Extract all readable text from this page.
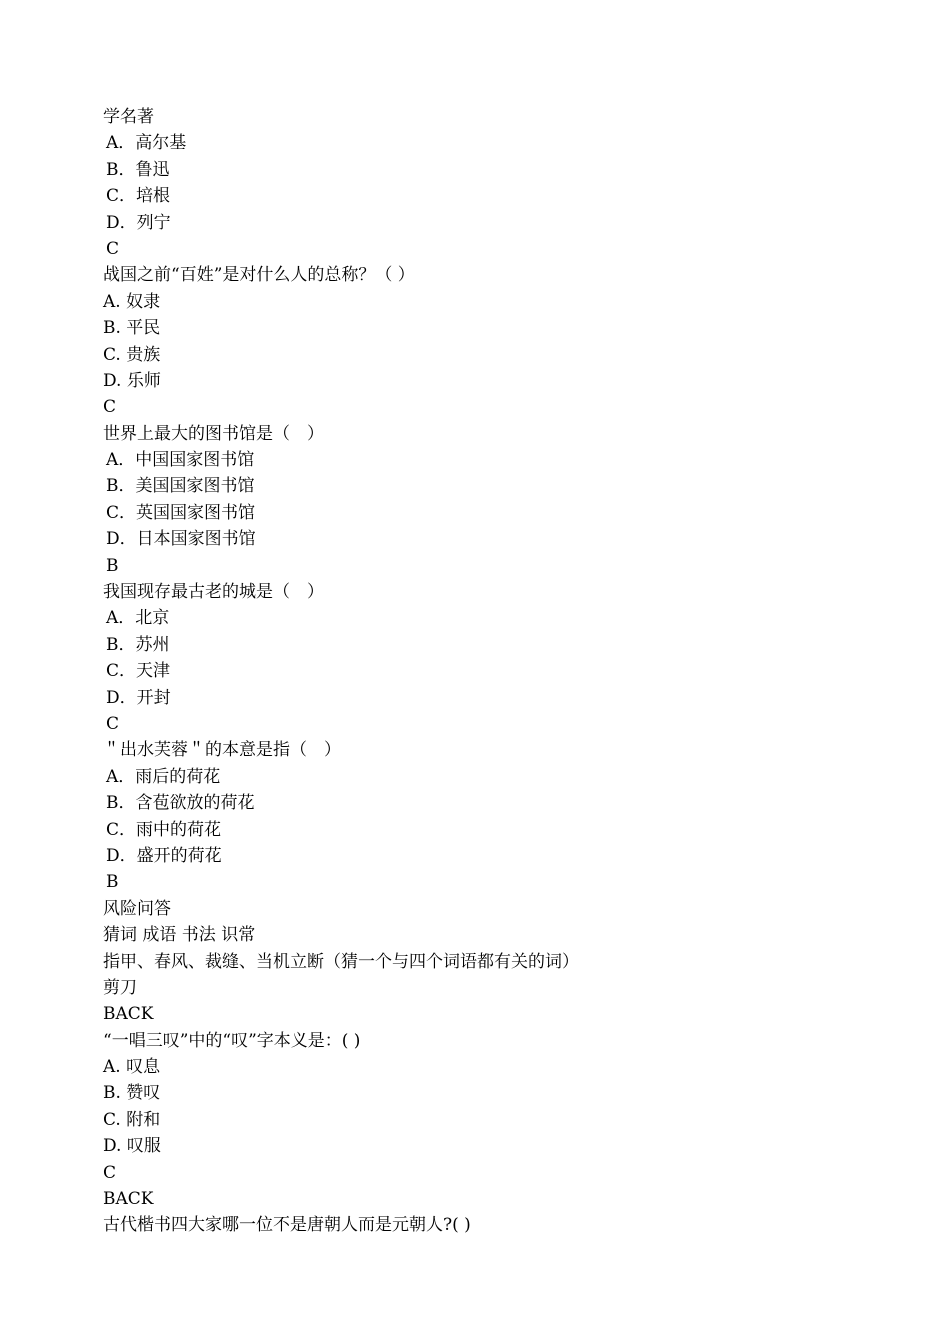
学名著
A．高尔基
B．鲁迅
C．培根
D．列宁
C
战国之前“百姓”是对什么人的总称？（ ）
A. 奴隶
B. 平民
C. 贵族
D. 乐师
C
世界上最大的图书馆是（　）
A．中国国家图书馆
B．美国国家图书馆
C．英国国家图书馆
D．日本国家图书馆
B
我国现存最古老的城是（　）
A．北京
B．苏州
C．天津
D．开封
C
＂出水芙蓉＂的本意是指（　）
A．雨后的荷花
B．含苞欲放的荷花
C．雨中的荷花
D．盛开的荷花
B
风险问答
猜词 成语 书法 识常
指甲、春风、裁缝、当机立断（猜一个与四个词语都有关的词）
剪刀
BACK
“一唱三叹”中的“叹”字本义是：( )
A. 叹息
B. 赞叹
C. 附和
D. 叹服
C
BACK
古代楷书四大家哪一位不是唐朝人而是元朝人?( )
